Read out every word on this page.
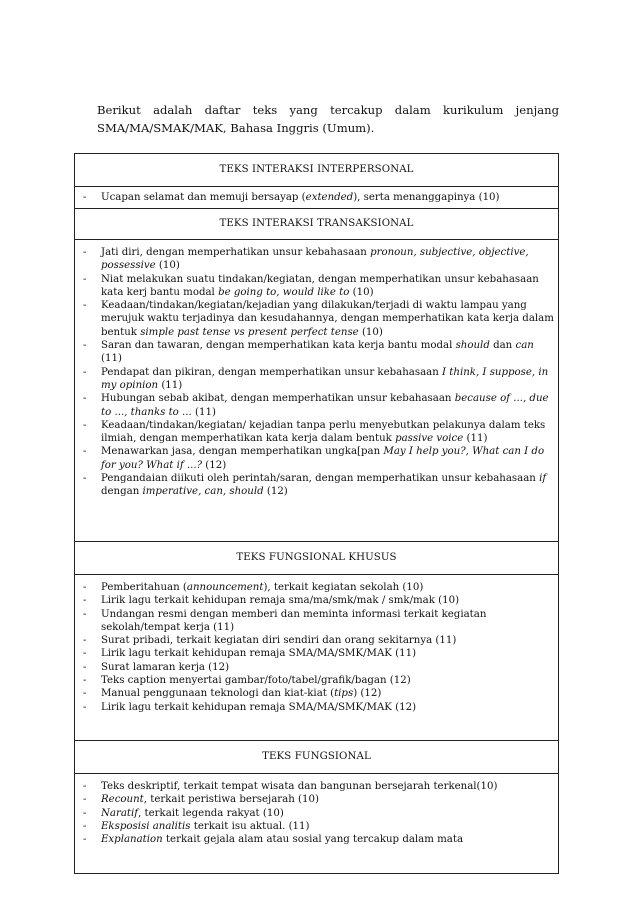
Berikut adalah daftar teks yang tercakup dalam kurikulum jenjang SMA/MA/SMAK/MAK, Bahasa Inggris (Umum).
TEKS INTERAKSI INTERPERSONAL
-	Ucapan selamat dan memuji bersayap (extended), serta menanggapinya (10)
TEKS INTERAKSI TRANSAKSIONAL
-	Jati diri, dengan memperhatikan unsur kebahasaan pronoun, subjective, objective, possessive (10)
-	Niat melakukan suatu tindakan/kegiatan, dengan memperhatikan unsur kebahasaan kata kerj bantu modal be going to, would like to (10)
-	Keadaan/tindakan/kegiatan/kejadian yang dilakukan/terjadi di waktu lampau yang merujuk waktu terjadinya dan kesudahannya, dengan memperhatikan kata kerja dalam bentuk simple past tense vs present perfect tense (10)
-	Saran dan tawaran, dengan memperhatikan kata kerja bantu modal should dan can (11)
-	Pendapat dan pikiran, dengan memperhatikan unsur kebahasaan I think, I suppose, in my opinion (11)
-	Hubungan sebab akibat, dengan memperhatikan unsur kebahasaan because of ..., due to ..., thanks to ... (11)
-	Keadaan/tindakan/kegiatan/ kejadian tanpa perlu menyebutkan pelakunya dalam teks ilmiah, dengan memperhatikan kata kerja dalam bentuk passive voice (11)
-	Menawarkan jasa, dengan memperhatikan ungka[pan May I help you?, What can I do for you? What if ...? (12)
-	Pengandaian diikuti oleh perintah/saran, dengan memperhatikan unsur kebahasaan if dengan imperative, can, should (12)
TEKS FUNGSIONAL KHUSUS
-	Pemberitahuan (announcement), terkait kegiatan sekolah (10)
-	Lirik lagu terkait kehidupan remaja sma/ma/smk/mak / smk/mak (10)
-	Undangan resmi dengan memberi dan meminta informasi terkait kegiatan sekolah/tempat kerja (11)
-	Surat pribadi, terkait kegiatan diri sendiri dan orang sekitarnya (11)
-	Lirik lagu terkait kehidupan remaja SMA/MA/SMK/MAK (11)
-	Surat lamaran kerja (12)
-	Teks caption menyertai gambar/foto/tabel/grafik/bagan (12)
-	Manual penggunaan teknologi dan kiat-kiat (tips) (12)
-	Lirik lagu terkait kehidupan remaja SMA/MA/SMK/MAK (12)
TEKS FUNGSIONAL
-	Teks deskriptif, terkait tempat wisata dan bangunan bersejarah terkenal(10)
-	Recount, terkait peristiwa bersejarah (10)
-	Naratif, terkait legenda rakyat (10)
-	Eksposisi analitis terkait isu aktual. (11)
-	Explanation terkait gejala alam atau sosial yang tercakup dalam mata
